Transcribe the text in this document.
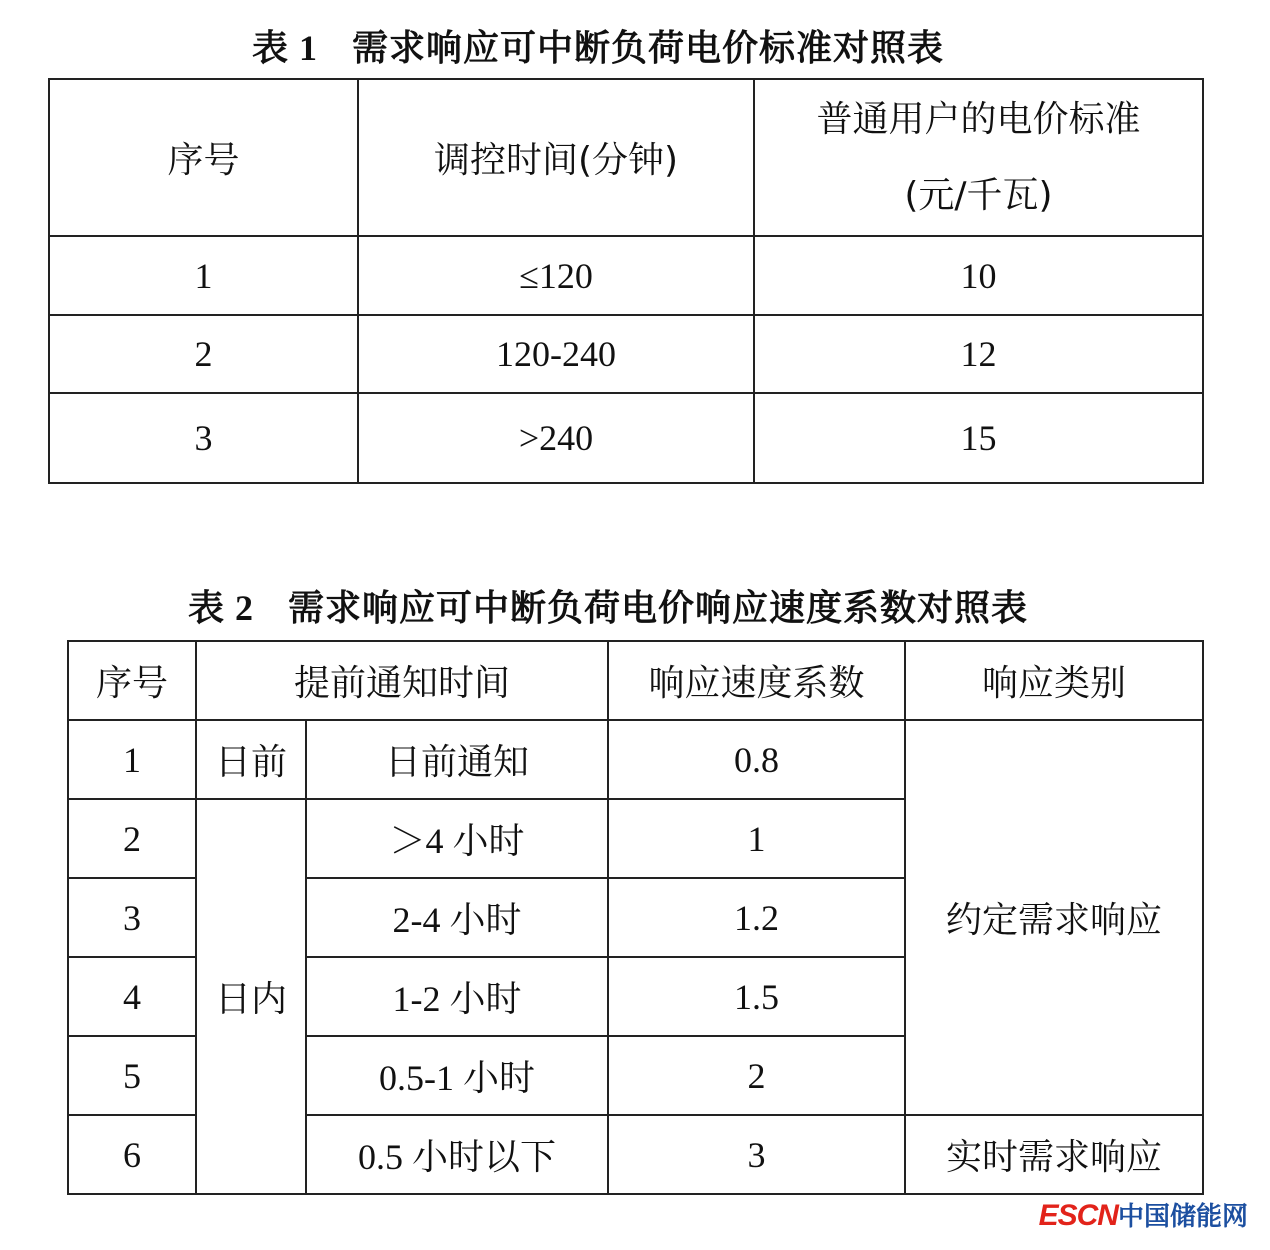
表 1 需求响应可中断负荷电价标准对照表
序号	调控时间(分钟)	普通用户的电价标准
(元/千瓦)

1	≤120	10
2	120-240	12
3	>240	15
表 2 需求响应可中断负荷电价响应速度系数对照表
序号	提前通知时间		响应速度系数	响应类别
1	日前	日前通知	0.8	约定需求响应
2	日内	＞4 小时	1	
3		2-4 小时	1.2	
4		1-2 小时	1.5	
5		0.5-1 小时	2	
6		0.5 小时以下	3	实时需求响应
ESCN中国储能网
